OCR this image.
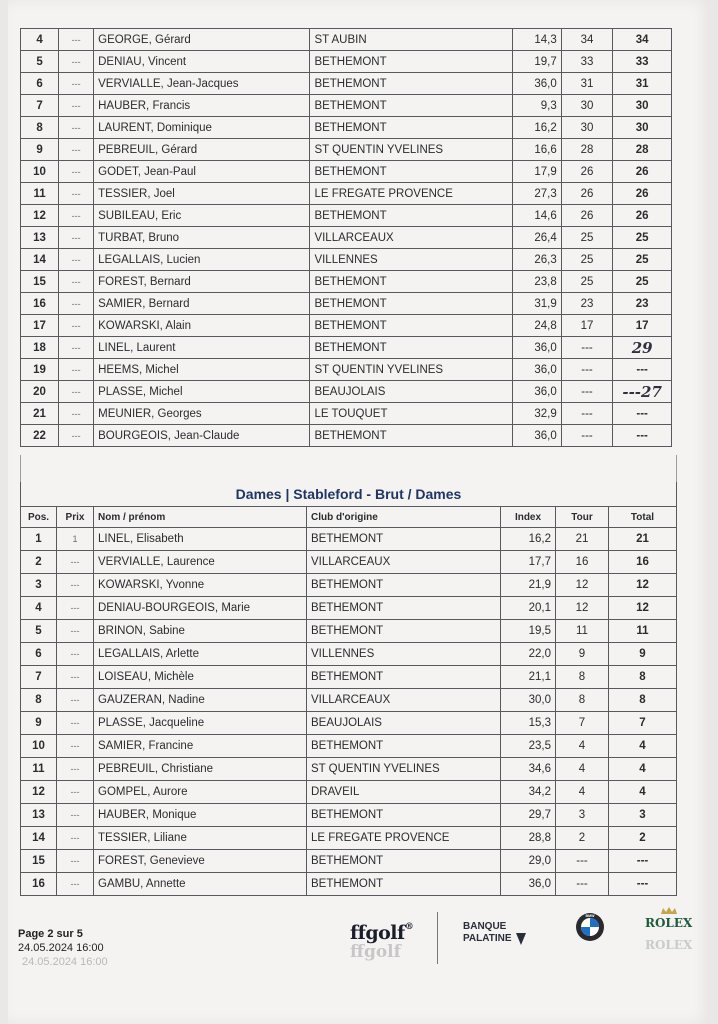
4	---	GEORGE, Gérard	ST AUBIN	14,3	34	34
5	---	DENIAU, Vincent	BETHEMONT	19,7	33	33
6	---	VERVIALLE, Jean-Jacques	BETHEMONT	36,0	31	31
7	---	HAUBER, Francis	BETHEMONT	9,3	30	30
8	---	LAURENT, Dominique	BETHEMONT	16,2	30	30
9	---	PEBREUIL, Gérard	ST QUENTIN YVELINES	16,6	28	28
10	---	GODET, Jean-Paul	BETHEMONT	17,9	26	26
11	---	TESSIER, Joel	LE FREGATE PROVENCE	27,3	26	26
12	---	SUBILEAU, Eric	BETHEMONT	14,6	26	26
13	---	TURBAT, Bruno	VILLARCEAUX	26,4	25	25
14	---	LEGALLAIS, Lucien	VILLENNES	26,3	25	25
15	---	FOREST, Bernard	BETHEMONT	23,8	25	25
16	---	SAMIER, Bernard	BETHEMONT	31,9	23	23
17	---	KOWARSKI, Alain	BETHEMONT	24,8	17	17
18	---	LINEL, Laurent	BETHEMONT	36,0	---	29
19	---	HEEMS, Michel	ST QUENTIN YVELINES	36,0	---	---
20	---	PLASSE, Michel	BEAUJOLAIS	36,0	---	---27
21	---	MEUNIER, Georges	LE TOUQUET	32,9	---	---
22	---	BOURGEOIS, Jean-Claude	BETHEMONT	36,0	---	---
Dames | Stableford - Brut / Dames
Pos.	Prix	Nom / prénom	Club d'origine	Index	Tour	Total
1	1	LINEL, Elisabeth	BETHEMONT	16,2	21	21
2	---	VERVIALLE, Laurence	VILLARCEAUX	17,7	16	16
3	---	KOWARSKI, Yvonne	BETHEMONT	21,9	12	12
4	---	DENIAU-BOURGEOIS, Marie	BETHEMONT	20,1	12	12
5	---	BRINON, Sabine	BETHEMONT	19,5	11	11
6	---	LEGALLAIS, Arlette	VILLENNES	22,0	9	9
7	---	LOISEAU, Michèle	BETHEMONT	21,1	8	8
8	---	GAUZERAN, Nadine	VILLARCEAUX	30,0	8	8
9	---	PLASSE, Jacqueline	BEAUJOLAIS	15,3	7	7
10	---	SAMIER, Francine	BETHEMONT	23,5	4	4
11	---	PEBREUIL, Christiane	ST QUENTIN YVELINES	34,6	4	4
12	---	GOMPEL, Aurore	DRAVEIL	34,2	4	4
13	---	HAUBER, Monique	BETHEMONT	29,7	3	3
14	---	TESSIER, Liliane	LE FREGATE PROVENCE	28,8	2	2
15	---	FOREST, Genevieve	BETHEMONT	29,0	---	---
16	---	GAMBU, Annette	BETHEMONT	36,0	---	---
Page 2 sur 5
24.05.2024 16:00
24.05.2024 16:00
ffgolf®
ffgolf
BANQUE
PALATINE
BMW
ROLEX
ROLEX
